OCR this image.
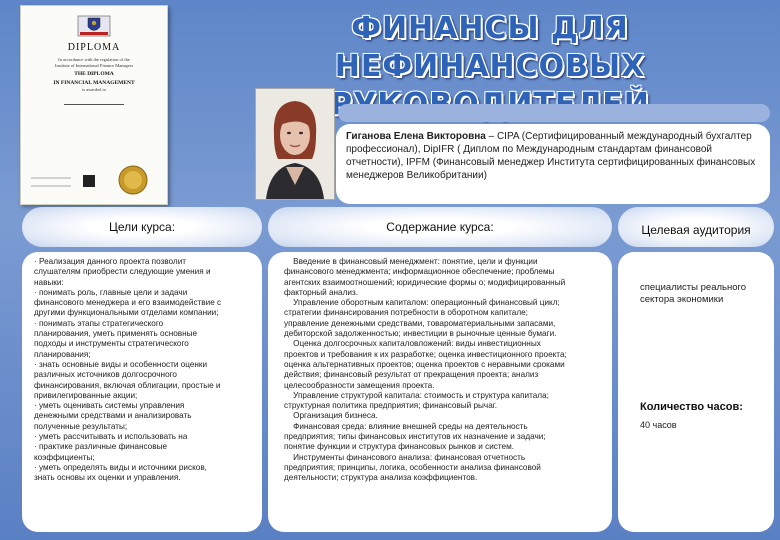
ФИНАНСЫ ДЛЯ НЕФИНАНСОВЫХ
DIPLOMA
In accordance with the regulation of the
Institute of International Finance Managers
THE DIPLOMA
IN FINANCIAL MANAGEMENT
is awarded to
Гиганова Елена Викторовна – CIPA (Сертифицированный международный бухгалтер профессионал), DipIFR ( Диплом по Международным стандартам финансовой отчетности), IPFM (Финансовый менеджер Института сертифицированных финансовых менеджеров Великобритании)
Цели курса:	Содержание курса:	Целевая аудитория

· Реализация данного проекта позволит

слушателям приобрести следующие умения и

навыки:

· понимать роль, главные цели и задачи

финансового менеджера и его взаимодействие с

другими функциональными отделами компании;

· понимать этапы стратегического

планирования, уметь применять основные

подходы и инструменты стратегического

планирования;

· знать основные виды и особенности оценки

различных источников долгосрочного

финансирования, включая облигации, простые и

привилегированные акции;

· уметь оценивать системы управления

денежными средствами и анализировать

полученные результаты;

· уметь рассчитывать и использовать на

· практике различные финансовые

коэффициенты;

· уметь определять виды и источники рисков,

знать основы их оценки и управления.

Введение в финансовый менеджмент: понятие, цели и функции

финансового менеджмента; информационное обеспечение; проблемы

агентских взаимоотношений; юридические формы о; модифицированный

факторный анализ.

Управление оборотным капиталом: операционный финансовый цикл;

стратегии финансирования потребности в оборотном капитале;

управление денежными средствами, товароматериальными запасами,

дебиторской задолженностью; инвестиции в рыночные ценные бумаги.

Оценка долгосрочных капиталовложений: виды инвестиционных

проектов и требования к их разработке; оценка инвестиционного проекта;

оценка альтернативных проектов; оценка проектов с неравными сроками

действия; финансовый результат от прекращения проекта; анализ

целесообразности замещения проекта.

Управление структурой капитала: стоимость и структура капитала;

структурная политика предприятия; финансовый рычаг.

Организация бизнеса.

Финансовая среда: влияние внешней среды на деятельность

предприятия; типы финансовых институтов их назначение и задачи;

понятие функции и структура финансовых рынков и систем.

Инструменты финансового анализа: финансовая отчетность

предприятия; принципы, логика, особенности анализа финансовой

деятельности; структура анализа коэффициентов.

специалисты реального сектора экономики
Количество часов:
40 часов
